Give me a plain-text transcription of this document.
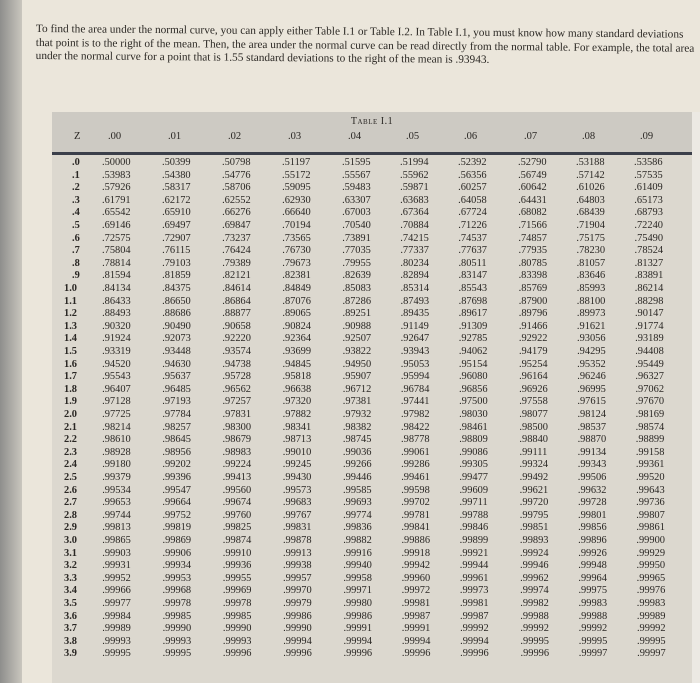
To find the area under the normal curve, you can apply either Table I.1 or Table I.2. In Table I.1, you must know how many standard deviations that point is to the right of the mean. Then, the area under the normal curve can be read directly from the normal table. For example, the total area under the normal curve for a point that is 1.55 standard deviations to the right of the mean is .93943.

Table I.1
Z	.00	.01	.02	.03	.04	.05	.06	.07	.08	.09
.0 .50000	.50399	.50798	.51197	.51595	.51994	.52392	.52790	.53188	.53586
.1 .53983	.54380	.54776	.55172	.55567	.55962	.56356	.56749	.57142	.57535
.2 .57926	.58317	.58706	.59095	.59483	.59871	.60257	.60642	.61026	.61409
.3 .61791	.62172	.62552	.62930	.63307	.63683	.64058	.64431	.64803	.65173
.4 .65542	.65910	.66276	.66640	.67003	.67364	.67724	.68082	.68439	.68793
.5 .69146	.69497	.69847	.70194	.70540	.70884	.71226	.71566	.71904	.72240
.6 .72575	.72907	.73237	.73565	.73891	.74215	.74537	.74857	.75175	.75490
.7 .75804	.76115	.76424	.76730	.77035	.77337	.77637	.77935	.78230	.78524
.8 .78814	.79103	.79389	.79673	.79955	.80234	.80511	.80785	.81057	.81327
.9 .81594	.81859	.82121	.82381	.82639	.82894	.83147	.83398	.83646	.83891
1.0 .84134	.84375	.84614	.84849	.85083	.85314	.85543	.85769	.85993	.86214
1.1 .86433	.86650	.86864	.87076	.87286	.87493	.87698	.87900	.88100	.88298
1.2 .88493	.88686	.88877	.89065	.89251	.89435	.89617	.89796	.89973	.90147
1.3 .90320	.90490	.90658	.90824	.90988	.91149	.91309	.91466	.91621	.91774
1.4 .91924	.92073	.92220	.92364	.92507	.92647	.92785	.92922	.93056	.93189
1.5 .93319	.93448	.93574	.93699	.93822	.93943	.94062	.94179	.94295	.94408
1.6 .94520	.94630	.94738	.94845	.94950	.95053	.95154	.95254	.95352	.95449
1.7 .95543	.95637	.95728	.95818	.95907	.95994	.96080	.96164	.96246	.96327
1.8 .96407	.96485	.96562	.96638	.96712	.96784	.96856	.96926	.96995	.97062
1.9 .97128	.97193	.97257	.97320	.97381	.97441	.97500	.97558	.97615	.97670
2.0 .97725	.97784	.97831	.97882	.97932	.97982	.98030	.98077	.98124	.98169
2.1 .98214	.98257	.98300	.98341	.98382	.98422	.98461	.98500	.98537	.98574
2.2 .98610	.98645	.98679	.98713	.98745	.98778	.98809	.98840	.98870	.98899
2.3 .98928	.98956	.98983	.99010	.99036	.99061	.99086	.99111	.99134	.99158
2.4 .99180	.99202	.99224	.99245	.99266	.99286	.99305	.99324	.99343	.99361
2.5 .99379	.99396	.99413	.99430	.99446	.99461	.99477	.99492	.99506	.99520
2.6 .99534	.99547	.99560	.99573	.99585	.99598	.99609	.99621	.99632	.99643
2.7 .99653	.99664	.99674	.99683	.99693	.99702	.99711	.99720	.99728	.99736
2.8 .99744	.99752	.99760	.99767	.99774	.99781	.99788	.99795	.99801	.99807
2.9 .99813	.99819	.99825	.99831	.99836	.99841	.99846	.99851	.99856	.99861
3.0 .99865	.99869	.99874	.99878	.99882	.99886	.99899	.99893	.99896	.99900
3.1 .99903	.99906	.99910	.99913	.99916	.99918	.99921	.99924	.99926	.99929
3.2 .99931	.99934	.99936	.99938	.99940	.99942	.99944	.99946	.99948	.99950
3.3 .99952	.99953	.99955	.99957	.99958	.99960	.99961	.99962	.99964	.99965
3.4 .99966	.99968	.99969	.99970	.99971	.99972	.99973	.99974	.99975	.99976
3.5 .99977	.99978	.99978	.99979	.99980	.99981	.99981	.99982	.99983	.99983
3.6 .99984	.99985	.99985	.99986	.99986	.99987	.99987	.99988	.99988	.99989
3.7 .99989	.99990	.99990	.99990	.99991	.99991	.99992	.99992	.99992	.99992
3.8 .99993	.99993	.99993	.99994	.99994	.99994	.99994	.99995	.99995	.99995
3.9 .99995	.99995	.99996	.99996	.99996	.99996	.99996	.99996	.99997	.99997
